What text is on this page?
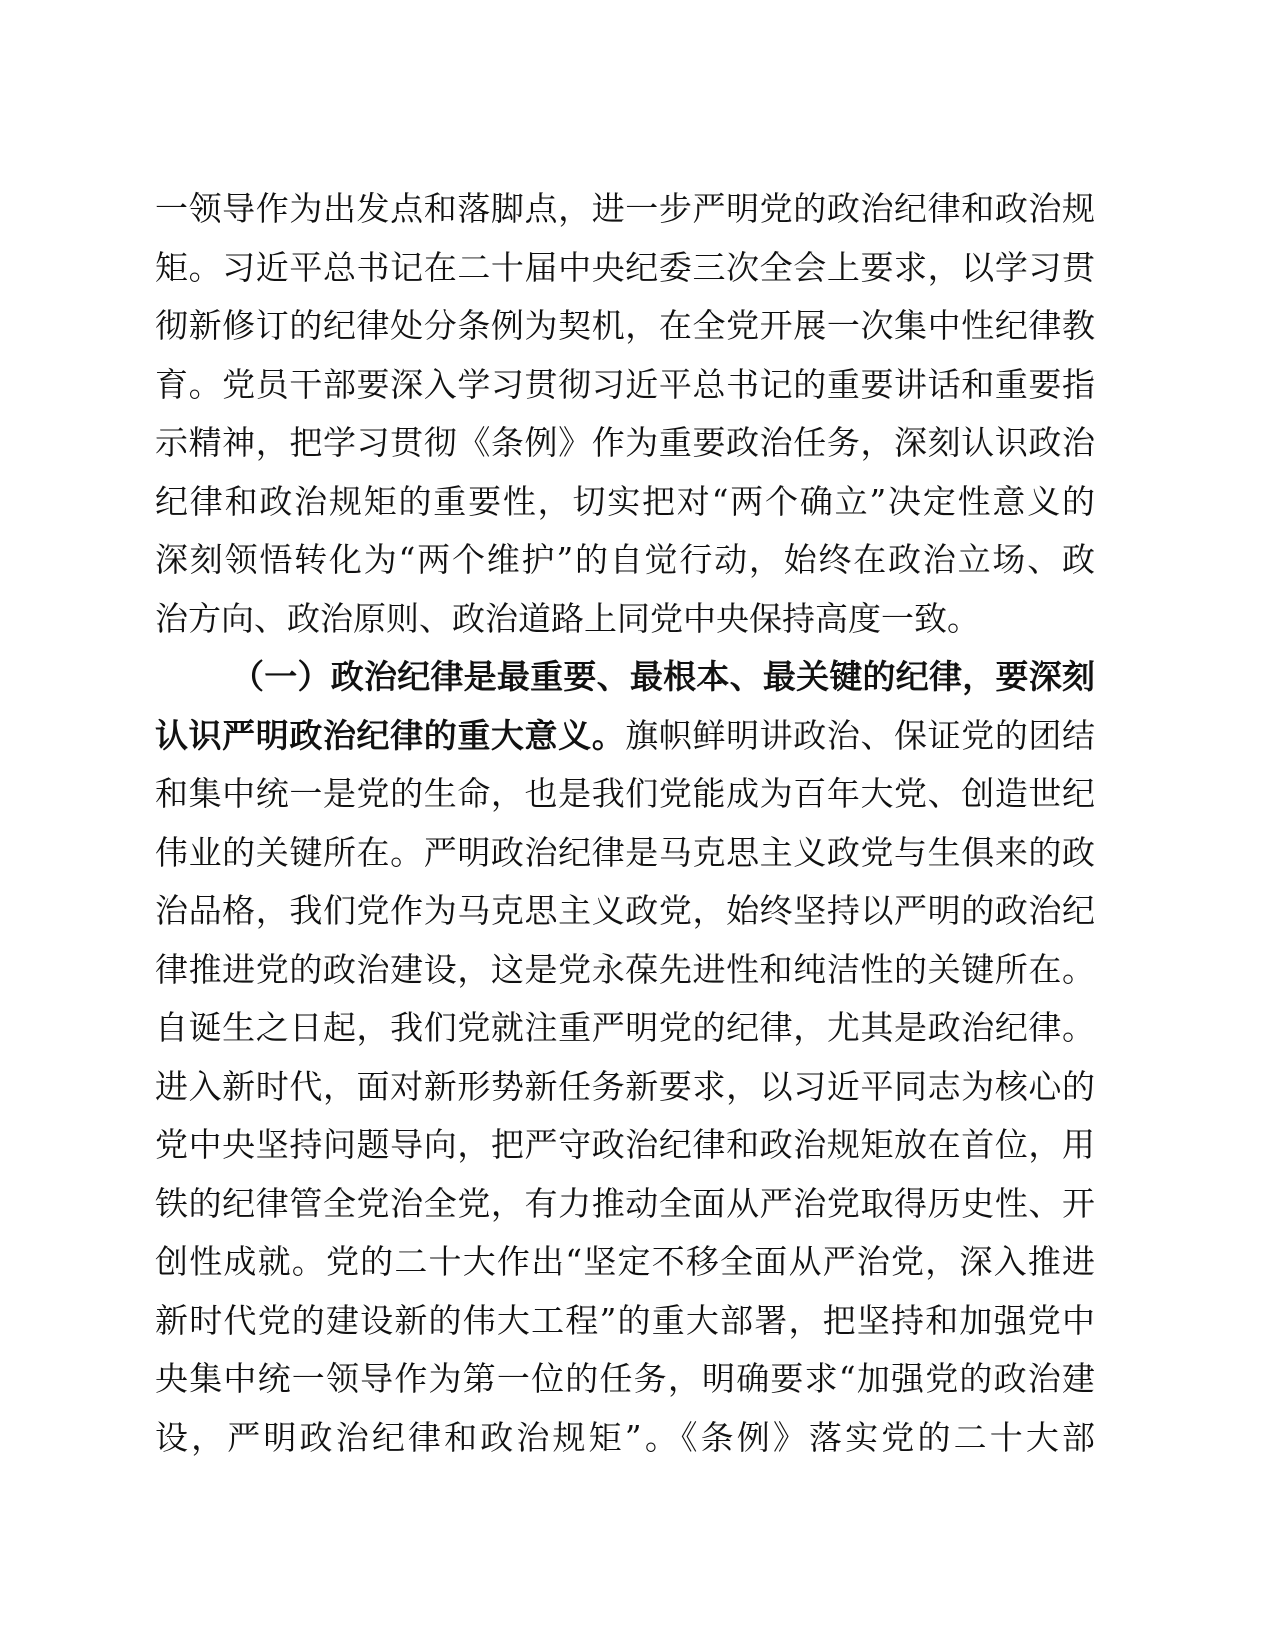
一领导作为出发点和落脚点，进一步严明党的政治纪律和政治规
矩。习近平总书记在二十届中央纪委三次全会上要求，以学习贯
彻新修订的纪律处分条例为契机，在全党开展一次集中性纪律教
育。党员干部要深入学习贯彻习近平总书记的重要讲话和重要指
示精神，把学习贯彻《条例》作为重要政治任务，深刻认识政治
纪律和政治规矩的重要性，切实把对“两个确立”决定性意义的
深刻领悟转化为“两个维护”的自觉行动，始终在政治立场、政
治方向、政治原则、政治道路上同党中央保持高度一致。
（一）政治纪律是最重要、最根本、最关键的纪律，要深刻
认识严明政治纪律的重大意义。旗帜鲜明讲政治、保证党的团结
和集中统一是党的生命，也是我们党能成为百年大党、创造世纪
伟业的关键所在。严明政治纪律是马克思主义政党与生俱来的政
治品格，我们党作为马克思主义政党，始终坚持以严明的政治纪
律推进党的政治建设，这是党永葆先进性和纯洁性的关键所在。
自诞生之日起，我们党就注重严明党的纪律，尤其是政治纪律。
进入新时代，面对新形势新任务新要求，以习近平同志为核心的
党中央坚持问题导向，把严守政治纪律和政治规矩放在首位，用
铁的纪律管全党治全党，有力推动全面从严治党取得历史性、开
创性成就。党的二十大作出“坚定不移全面从严治党，深入推进
新时代党的建设新的伟大工程”的重大部署，把坚持和加强党中
央集中统一领导作为第一位的任务，明确要求“加强党的政治建
设，严明政治纪律和政治规矩”。《条例》落实党的二十大部
